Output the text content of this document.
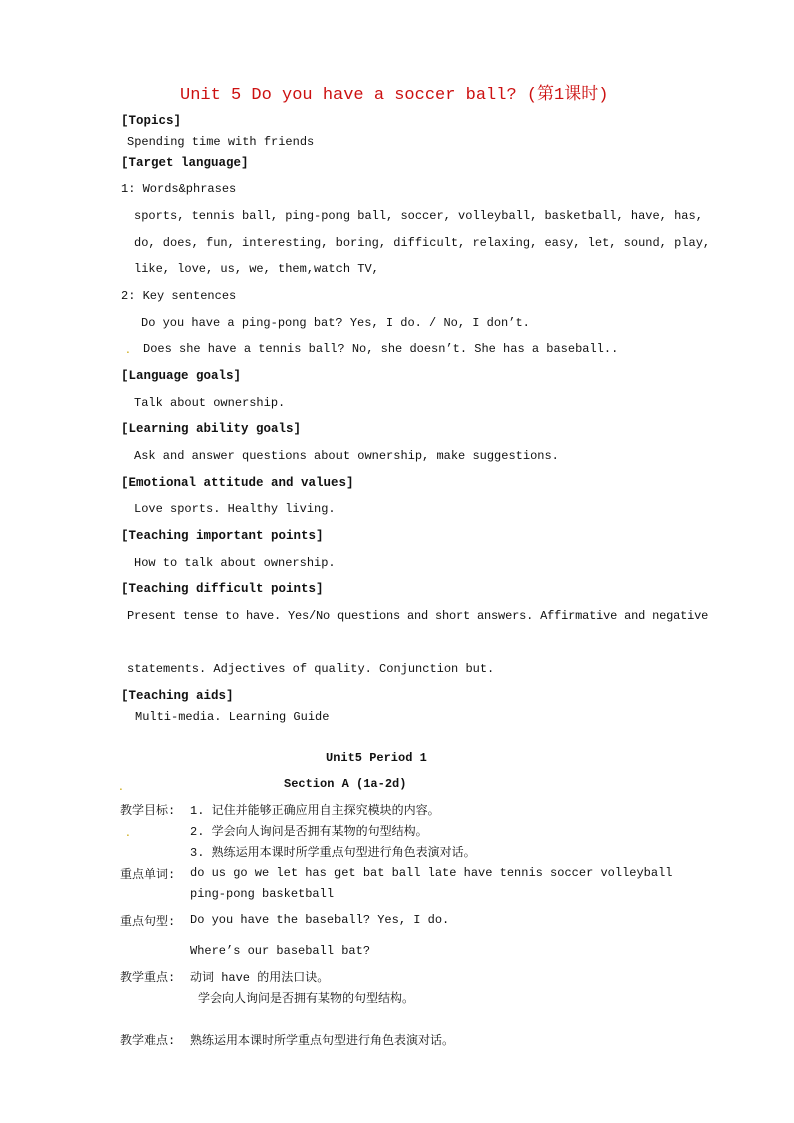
Unit 5 Do you have a soccer ball? (第1课时)
[Topics]
Spending time with friends
[Target language]
1: Words&phrases
sports, tennis ball, ping-pong ball, soccer, volleyball, basketball, have, has,
do, does, fun, interesting, boring, difficult, relaxing, easy, let, sound, play,
like, love, us, we, them,watch TV,
2: Key sentences
Do you have a ping-pong bat? Yes, I do. / No, I don’t.
. Does she have a tennis ball? No, she doesn’t. She has a baseball..
[Language goals]
Talk about ownership.
[Learning ability goals]
Ask and answer questions about ownership, make suggestions.
[Emotional attitude and values]
Love sports. Healthy living.
[Teaching important points]
How to talk about ownership.
[Teaching difficult points]
Present tense to have. Yes/No questions and short answers. Affirmative and negative
statements. Adjectives of quality. Conjunction but.
[Teaching aids]
Multi-media. Learning Guide
Unit5 Period 1
.	Section A (1a-2d)
教学目标: 1. 记住并能够正确应用自主探究模块的内容。
.	2. 学会向人询问是否拥有某物的句型结构。
3. 熟练运用本课时所学重点句型进行角色表演对话。
重点单词: do us go we let has get bat ball late have tennis soccer volleyball
ping-pong basketball
重点句型: Do you have the baseball? Yes, I do.
Where’s our baseball bat?
教学重点: 动词 have 的用法口诀。
学会向人询问是否拥有某物的句型结构。
教学难点: 熟练运用本课时所学重点句型进行角色表演对话。
